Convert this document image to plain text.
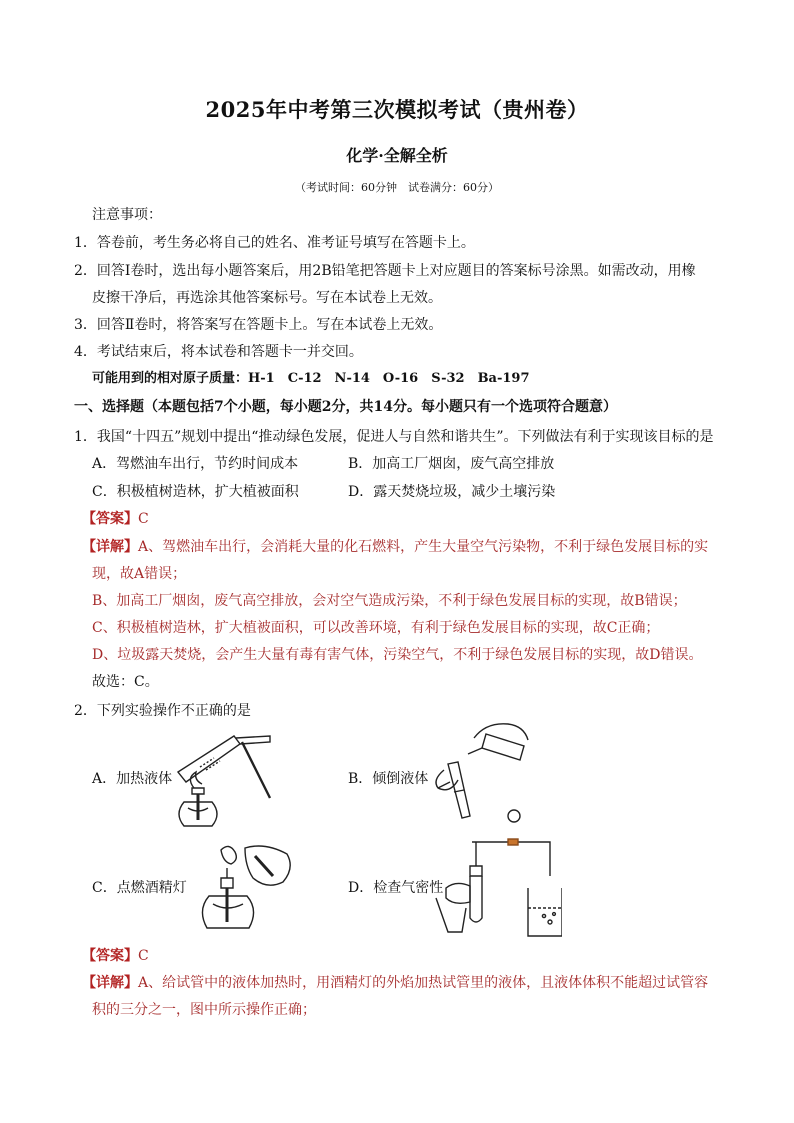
2025年中考第三次模拟考试（贵州卷）
化学·全解全析
（考试时间：60分钟　试卷满分：60分）
注意事项：
1．答卷前，考生务必将自己的姓名、准考证号填写在答题卡上。
2．回答Ⅰ卷时，选出每小题答案后，用2B铅笔把答题卡上对应题目的答案标号涂黑。如需改动，用橡
皮擦干净后，再选涂其他答案标号。写在本试卷上无效。
3．回答Ⅱ卷时，将答案写在答题卡上。写在本试卷上无效。
4．考试结束后，将本试卷和答题卡一并交回。
可能用到的相对原子质量：H-1　C-12　N-14　O-16　S-32　Ba-197
一、选择题（本题包括7个小题，每小题2分，共14分。每小题只有一个选项符合题意）
1．我国“十四五”规划中提出“推动绿色发展，促进人与自然和谐共生”。下列做法有利于实现该目标的是
A．驾燃油车出行，节约时间成本	B．加高工厂烟囱，废气高空排放
C．积极植树造林，扩大植被面积	D．露天焚烧垃圾，减少土壤污染
【答案】C
【详解】A、驾燃油车出行，会消耗大量的化石燃料，产生大量空气污染物，不利于绿色发展目标的实
现，故A错误；
B、加高工厂烟囱，废气高空排放，会对空气造成污染，不利于绿色发展目标的实现，故B错误；
C、积极植树造林，扩大植被面积，可以改善环境，有利于绿色发展目标的实现，故C正确；
D、垃圾露天焚烧，会产生大量有毒有害气体，污染空气，不利于绿色发展目标的实现，故D错误。
故选：C。
2．下列实验操作不正确的是
A．加热液体	B．倾倒液体
C．点燃酒精灯	D．检查气密性
【答案】C
【详解】A、给试管中的液体加热时，用酒精灯的外焰加热试管里的液体，且液体体积不能超过试管容
积的三分之一，图中所示操作正确；
